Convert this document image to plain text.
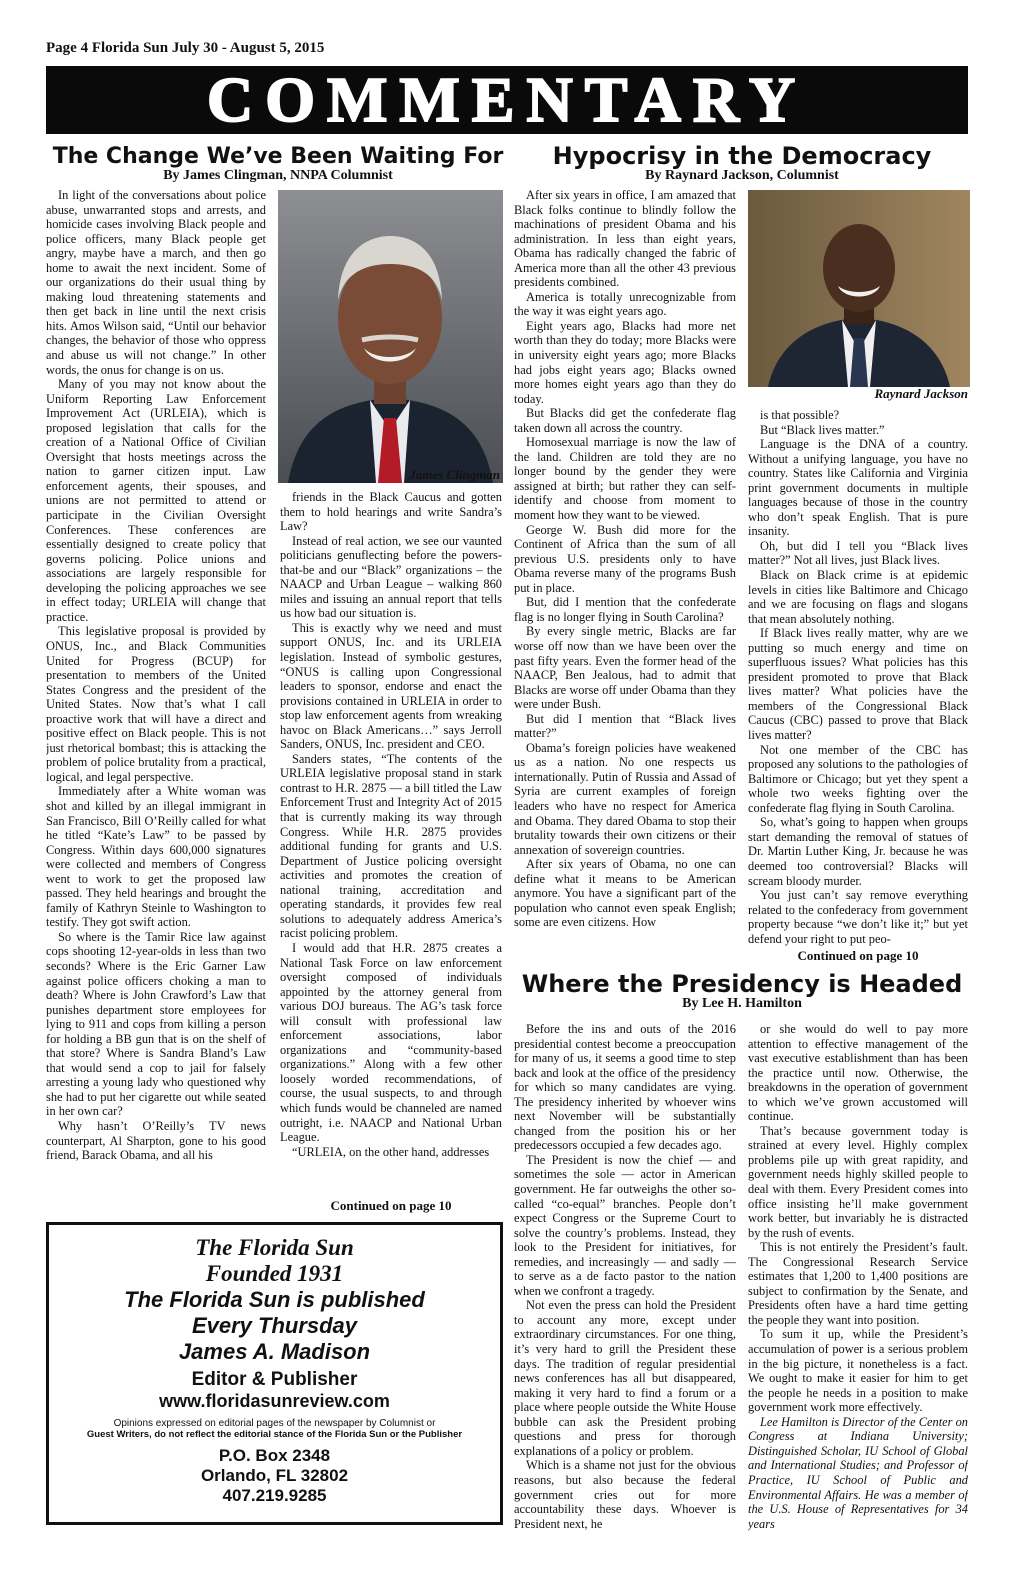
Page 4 Florida Sun July 30 - August 5, 2015
COMMENTARY
The Change We’ve Been Waiting For
By James Clingman, NNPA Columnist

In light of the conversations about police abuse, unwarranted stops and arrests, and homicide cases involving Black people and police officers, many Black people get angry, maybe have a march, and then go home to await the next incident. Some of our organizations do their usual thing by making loud threatening statements and then get back in line until the next crisis hits. Amos Wilson said, “Until our behavior changes, the behavior of those who oppress and abuse us will not change.” In other words, the onus for change is on us.

Many of you may not know about the Uniform Reporting Law Enforcement Improvement Act (URLEIA), which is proposed legislation that calls for the creation of a National Office of Civilian Oversight that hosts meetings across the nation to garner citizen input. Law enforcement agents, their spouses, and unions are not permitted to attend or participate in the Civilian Oversight Conferences. These conferences are essentially designed to create policy that governs policing. Police unions and associations are largely responsible for developing the policing approaches we see in effect today; URLEIA will change that practice.

This legislative proposal is provided by ONUS, Inc., and Black Communities United for Progress (BCUP) for presentation to members of the United States Congress and the president of the United States. Now that’s what I call proactive work that will have a direct and positive effect on Black people. This is not just rhetorical bombast; this is attacking the problem of police brutality from a practical, logical, and legal perspective.

Immediately after a White woman was shot and killed by an illegal immigrant in San Francisco, Bill O’Reilly called for what he titled “Kate’s Law” to be passed by Congress. Within days 600,000 signatures were collected and members of Congress went to work to get the proposed law passed. They held hearings and brought the family of Kathryn Steinle to Washington to testify. They got swift action.

So where is the Tamir Rice law against cops shooting 12-year-olds in less than two seconds? Where is the Eric Garner Law against police officers choking a man to death? Where is John Crawford’s Law that punishes department store employees for lying to 911 and cops from killing a person for holding a BB gun that is on the shelf of that store? Where is Sandra Bland’s Law that would send a cop to jail for falsely arresting a young lady who questioned why she had to put her cigarette out while seated in her own car?

Why hasn’t O’Reilly’s TV news counterpart, Al Sharpton, gone to his good friend, Barack Obama, and all his

James Clingman

friends in the Black Caucus and gotten them to hold hearings and write Sandra’s Law?

Instead of real action, we see our vaunted politicians genuflecting before the powers-that-be and our “Black” organizations – the NAACP and Urban League – walking 860 miles and issuing an annual report that tells us how bad our situation is.

This is exactly why we need and must support ONUS, Inc. and its URLEIA legislation. Instead of symbolic gestures, “ONUS is calling upon Congressional leaders to sponsor, endorse and enact the provisions contained in URLEIA in order to stop law enforcement agents from wreaking havoc on Black Americans…” says Jerroll Sanders, ONUS, Inc. president and CEO.

Sanders states, “The contents of the URLEIA legislative proposal stand in stark contrast to H.R. 2875 — a bill titled the Law Enforcement Trust and Integrity Act of 2015 that is currently making its way through Congress. While H.R. 2875 provides additional funding for grants and U.S. Department of Justice policing oversight activities and promotes the creation of national training, accreditation and operating standards, it provides few real solutions to adequately address America’s racist policing problem.

I would add that H.R. 2875 creates a National Task Force on law enforcement oversight composed of individuals appointed by the attorney general from various DOJ bureaus. The AG’s task force will consult with professional law enforcement associations, labor organizations and “community-based organizations.” Along with a few other loosely worded recommendations, of course, the usual suspects, to and through which funds would be channeled are named outright, i.e. NAACP and National Urban League.

“URLEIA, on the other hand, addresses

Continued on page 10
The Florida Sun
Founded 1931
The Florida Sun is published
Every Thursday
James A. Madison
Editor & Publisher
www.floridasunreview.com
Opinions expressed on editorial pages of the newspaper by Columnist or
Guest Writers, do not reflect the editorial stance of the Florida Sun or the Publisher
P.O. Box 2348
Orlando, FL 32802
407.219.9285
Hypocrisy in the Democracy
By Raynard Jackson, Columnist

After six years in office, I am amazed that Black folks continue to blindly follow the machinations of president Obama and his administration. In less than eight years, Obama has radically changed the fabric of America more than all the other 43 previous presidents combined.

America is totally unrecognizable from the way it was eight years ago.

Eight years ago, Blacks had more net worth than they do today; more Blacks were in university eight years ago; more Blacks had jobs eight years ago; Blacks owned more homes eight years ago than they do today.

But Blacks did get the confederate flag taken down all across the country.

Homosexual marriage is now the law of the land. Children are told they are no longer bound by the gender they were assigned at birth; but rather they can self-identify and choose from moment to moment how they want to be viewed.

George W. Bush did more for the Continent of Africa than the sum of all previous U.S. presidents only to have Obama reverse many of the programs Bush put in place.

But, did I mention that the confederate flag is no longer flying in South Carolina?

By every single metric, Blacks are far worse off now than we have been over the past fifty years. Even the former head of the NAACP, Ben Jealous, had to admit that Blacks are worse off under Obama than they were under Bush.

But did I mention that “Black lives matter?”

Obama’s foreign policies have weakened us as a nation. No one respects us internationally. Putin of Russia and Assad of Syria are current examples of foreign leaders who have no respect for America and Obama. They dared Obama to stop their brutality towards their own citizens or their annexation of sovereign countries.

After six years of Obama, no one can define what it means to be American anymore. You have a significant part of the population who cannot even speak English; some are even citizens. How

Raynard Jackson

is that possible?

But “Black lives matter.”

Language is the DNA of a country. Without a unifying language, you have no country. States like California and Virginia print government documents in multiple languages because of those in the country who don’t speak English. That is pure insanity.

Oh, but did I tell you “Black lives matter?” Not all lives, just Black lives.

Black on Black crime is at epidemic levels in cities like Baltimore and Chicago and we are focusing on flags and slogans that mean absolutely nothing.

If Black lives really matter, why are we putting so much energy and time on superfluous issues? What policies has this president promoted to prove that Black lives matter? What policies have the members of the Congressional Black Caucus (CBC) passed to prove that Black lives matter?

Not one member of the CBC has proposed any solutions to the pathologies of Baltimore or Chicago; but yet they spent a whole two weeks fighting over the confederate flag flying in South Carolina.

So, what’s going to happen when groups start demanding the removal of statues of Dr. Martin Luther King, Jr. because he was deemed too controversial? Blacks will scream bloody murder.

You just can’t say remove everything related to the confederacy from government property because “we don’t like it;” but yet defend your right to put peo-

Continued on page 10
Where the Presidency is Headed
By Lee H. Hamilton

Before the ins and outs of the 2016 presidential contest become a preoccupation for many of us, it seems a good time to step back and look at the office of the presidency for which so many candidates are vying. The presidency inherited by whoever wins next November will be substantially changed from the position his or her predecessors occupied a few decades ago.

The President is now the chief — and sometimes the sole — actor in American government. He far outweighs the other so-called “co-equal” branches. People don’t expect Congress or the Supreme Court to solve the country’s problems. Instead, they look to the President for initiatives, for remedies, and increasingly — and sadly — to serve as a de facto pastor to the nation when we confront a tragedy.

Not even the press can hold the President to account any more, except under extraordinary circumstances. For one thing, it’s very hard to grill the President these days. The tradition of regular presidential news conferences has all but disappeared, making it very hard to find a forum or a place where people outside the White House bubble can ask the President probing questions and press for thorough explanations of a policy or problem.

Which is a shame not just for the obvious reasons, but also because the federal government cries out for more accountability these days. Whoever is President next, he

or she would do well to pay more attention to effective management of the vast executive establishment than has been the practice until now. Otherwise, the breakdowns in the operation of government to which we’ve grown accustomed will continue.

That’s because government today is strained at every level. Highly complex problems pile up with great rapidity, and government needs highly skilled people to deal with them. Every President comes into office insisting he’ll make government work better, but invariably he is distracted by the rush of events.

This is not entirely the President’s fault. The Congressional Research Service estimates that 1,200 to 1,400 positions are subject to confirmation by the Senate, and Presidents often have a hard time getting the people they want into position.

To sum it up, while the President’s accumulation of power is a serious problem in the big picture, it nonetheless is a fact. We ought to make it easier for him to get the people he needs in a position to make government work more effectively.

Lee Hamilton is Director of the Center on Congress at Indiana University; Distinguished Scholar, IU School of Global and International Studies; and Professor of Practice, IU School of Public and Environmental Affairs. He was a member of the U.S. House of Representatives for 34 years
